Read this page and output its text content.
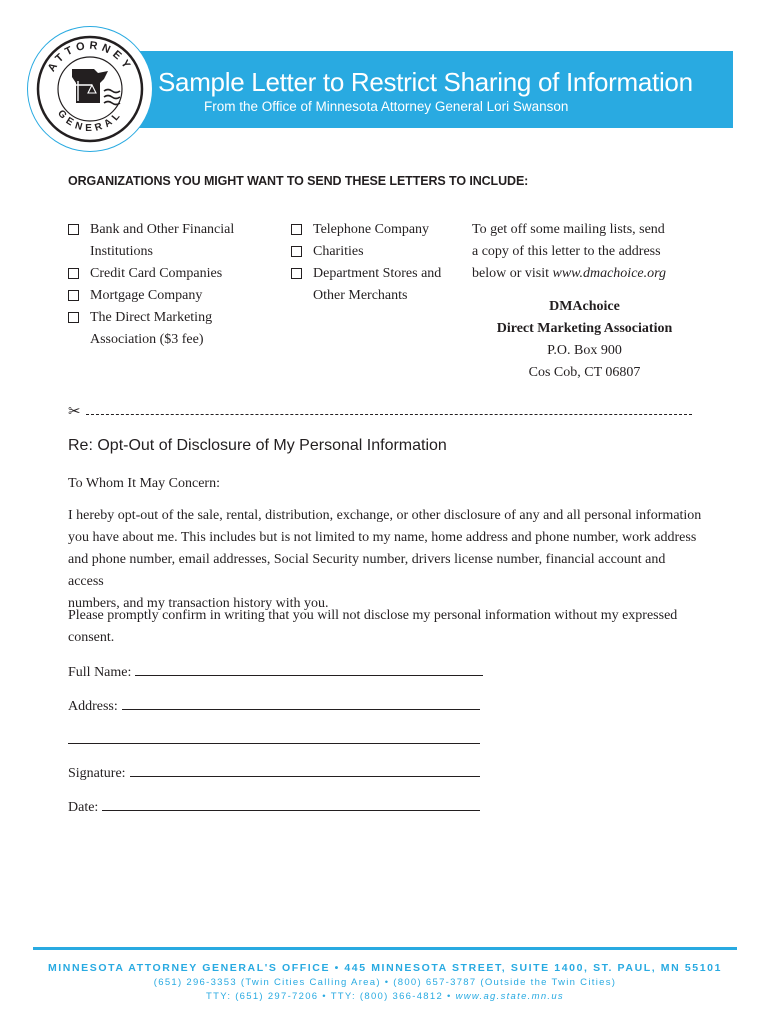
Sample Letter to Restrict Sharing of Information
From the Office of Minnesota Attorney General Lori Swanson
ATTORNEY
GENERAL
ORGANIZATIONS YOU MIGHT WANT TO SEND THESE LETTERS TO INCLUDE:
Bank and Other Financial
Institutions
Credit Card Companies
Mortgage Company
The Direct Marketing
Association ($3 fee)
Telephone Company
Charities
Department Stores and
Other Merchants
To get off some mailing lists, send
a copy of this letter to the address
below or visit www.dmachoice.org
DMAchoice
Direct Marketing Association
P.O. Box 900
Cos Cob, CT 06807
✂
Re: Opt-Out of Disclosure of My Personal Information

To Whom It May Concern:

I hereby opt-out of the sale, rental, distribution, exchange, or other disclosure of any and all personal information
you have about me. This includes but is not limited to my name, home address and phone number, work address
and phone number, email addresses, Social Security number, drivers license number, financial account and access
numbers, and my transaction history with you.

Please promptly confirm in writing that you will not disclose my personal information without my expressed
consent.

Full Name:
Address:
Signature:
Date:
MINNESOTA ATTORNEY GENERAL'S OFFICE • 445 MINNESOTA STREET, SUITE 1400, ST. PAUL, MN 55101
(651) 296-3353 (Twin Cities Calling Area) • (800) 657-3787 (Outside the Twin Cities)
TTY: (651) 297-7206 • TTY: (800) 366-4812 • www.ag.state.mn.us
